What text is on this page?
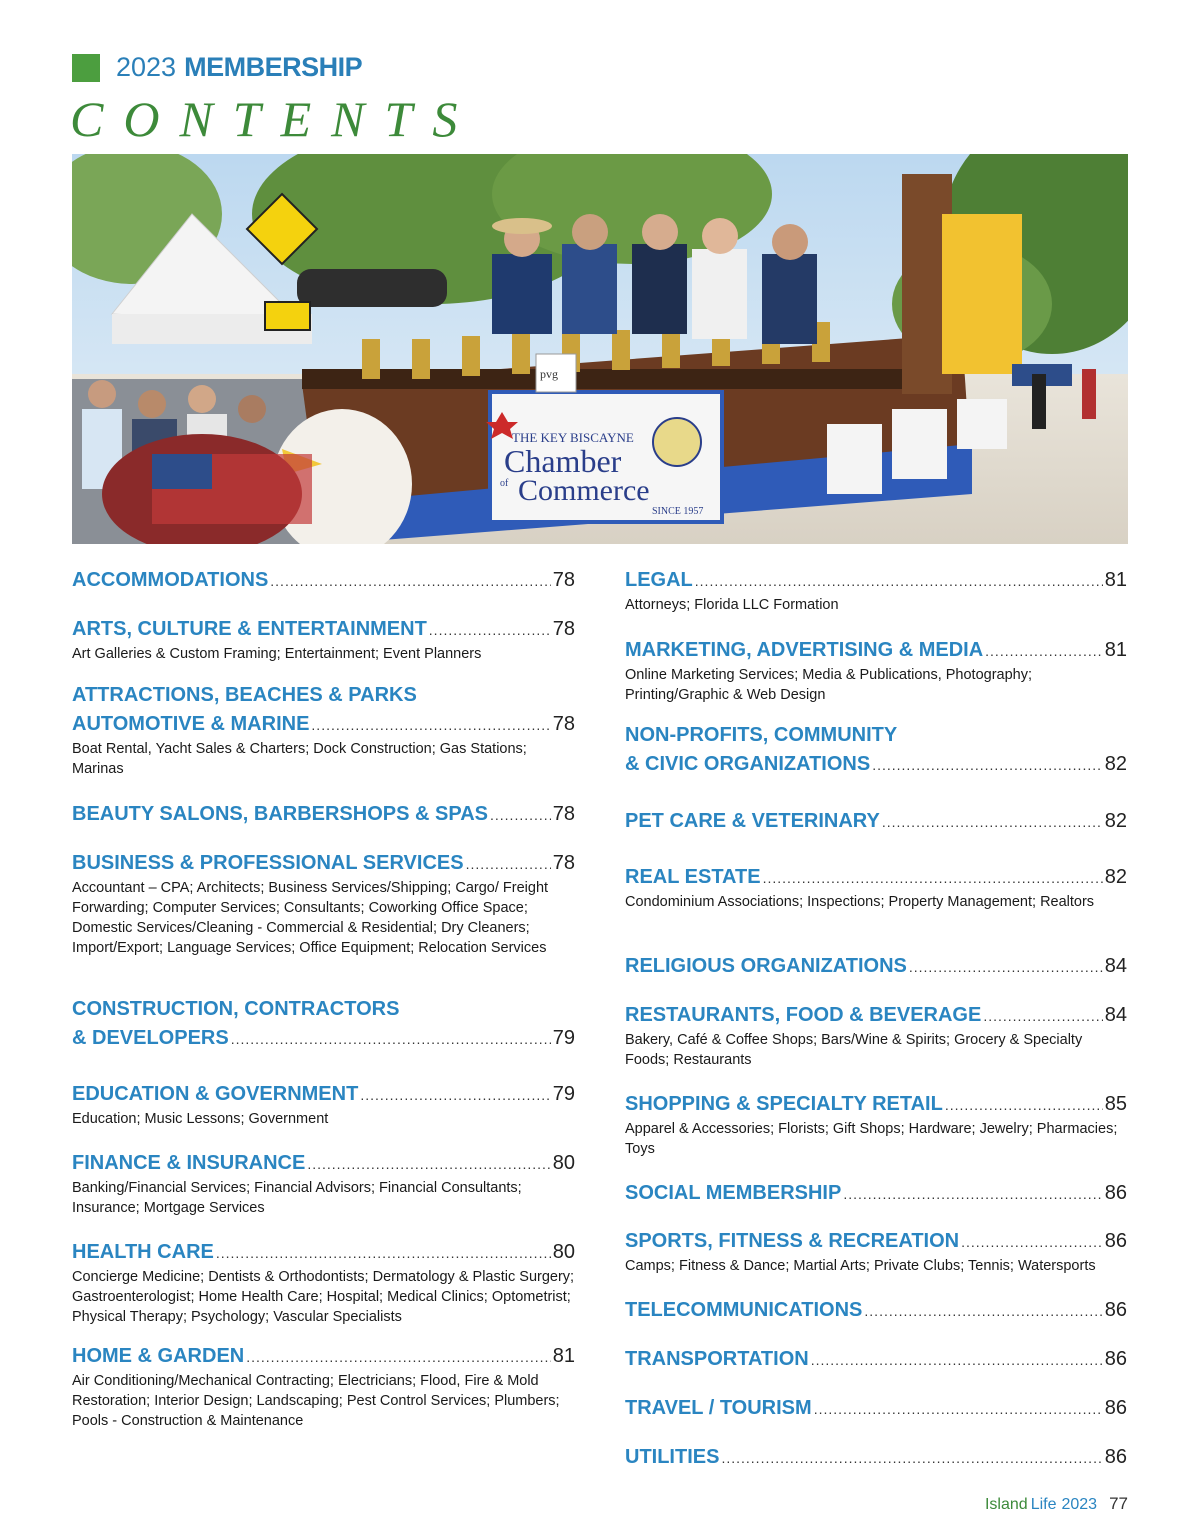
2023 MEMBERSHIP
CONTENTS
THE KEY BISCAYNE
Chamber
of Commerce
SINCE 1957
pvg
ACCOMMODATIONS .....	78
ARTS, CULTURE & ENTERTAINMENT .....	78
Art Galleries & Custom Framing; Entertainment; Event Planners
ATTRACTIONS, BEACHES & PARKS
AUTOMOTIVE & MARINE .....	78
Boat Rental, Yacht Sales & Charters; Dock Construction; Gas Stations; Marinas
BEAUTY SALONS, BARBERSHOPS & SPAS .....	78
BUSINESS & PROFESSIONAL SERVICES .....	78
Accountant – CPA; Architects; Business Services/Shipping; Cargo/ Freight Forwarding; Computer Services; Consultants; Coworking Office Space; Domestic Services/Cleaning - Commercial & Residential; Dry Cleaners; Import/Export; Language Services; Office Equipment; Relocation Services
CONSTRUCTION, CONTRACTORS
& DEVELOPERS .....	79
EDUCATION & GOVERNMENT .....	79
Education; Music Lessons; Government
FINANCE & INSURANCE .....	80
Banking/Financial Services; Financial Advisors; Financial Consultants; Insurance; Mortgage Services
HEALTH CARE .....	80
Concierge Medicine; Dentists & Orthodontists; Dermatology & Plastic Surgery; Gastroenterologist; Home Health Care; Hospital; Medical Clinics; Optometrist; Physical Therapy; Psychology; Vascular Specialists
HOME & GARDEN .....	81
Air Conditioning/Mechanical Contracting; Electricians; Flood, Fire & Mold Restoration; Interior Design; Landscaping; Pest Control Services; Plumbers; Pools - Construction & Maintenance
LEGAL .....	81
Attorneys; Florida LLC Formation
MARKETING, ADVERTISING & MEDIA .....	81
Online Marketing Services; Media & Publications, Photography; Printing/Graphic & Web Design
NON-PROFITS, COMMUNITY
& CIVIC ORGANIZATIONS .....	82
PET CARE & VETERINARY .....	82
REAL ESTATE .....	82
Condominium Associations; Inspections; Property Management; Realtors
RELIGIOUS ORGANIZATIONS .....	84
RESTAURANTS, FOOD & BEVERAGE .....	84
Bakery, Café & Coffee Shops; Bars/Wine & Spirits; Grocery & Specialty Foods; Restaurants
SHOPPING & SPECIALTY RETAIL .....	85
Apparel & Accessories; Florists; Gift Shops; Hardware; Jewelry; Pharmacies; Toys
SOCIAL MEMBERSHIP .....	86
SPORTS, FITNESS & RECREATION .....	86
Camps; Fitness & Dance; Martial Arts; Private Clubs; Tennis; Watersports
TELECOMMUNICATIONS .....	86
TRANSPORTATION .....	86
TRAVEL / TOURISM .....	86
UTILITIES .....	86
Island Life 2023 77
